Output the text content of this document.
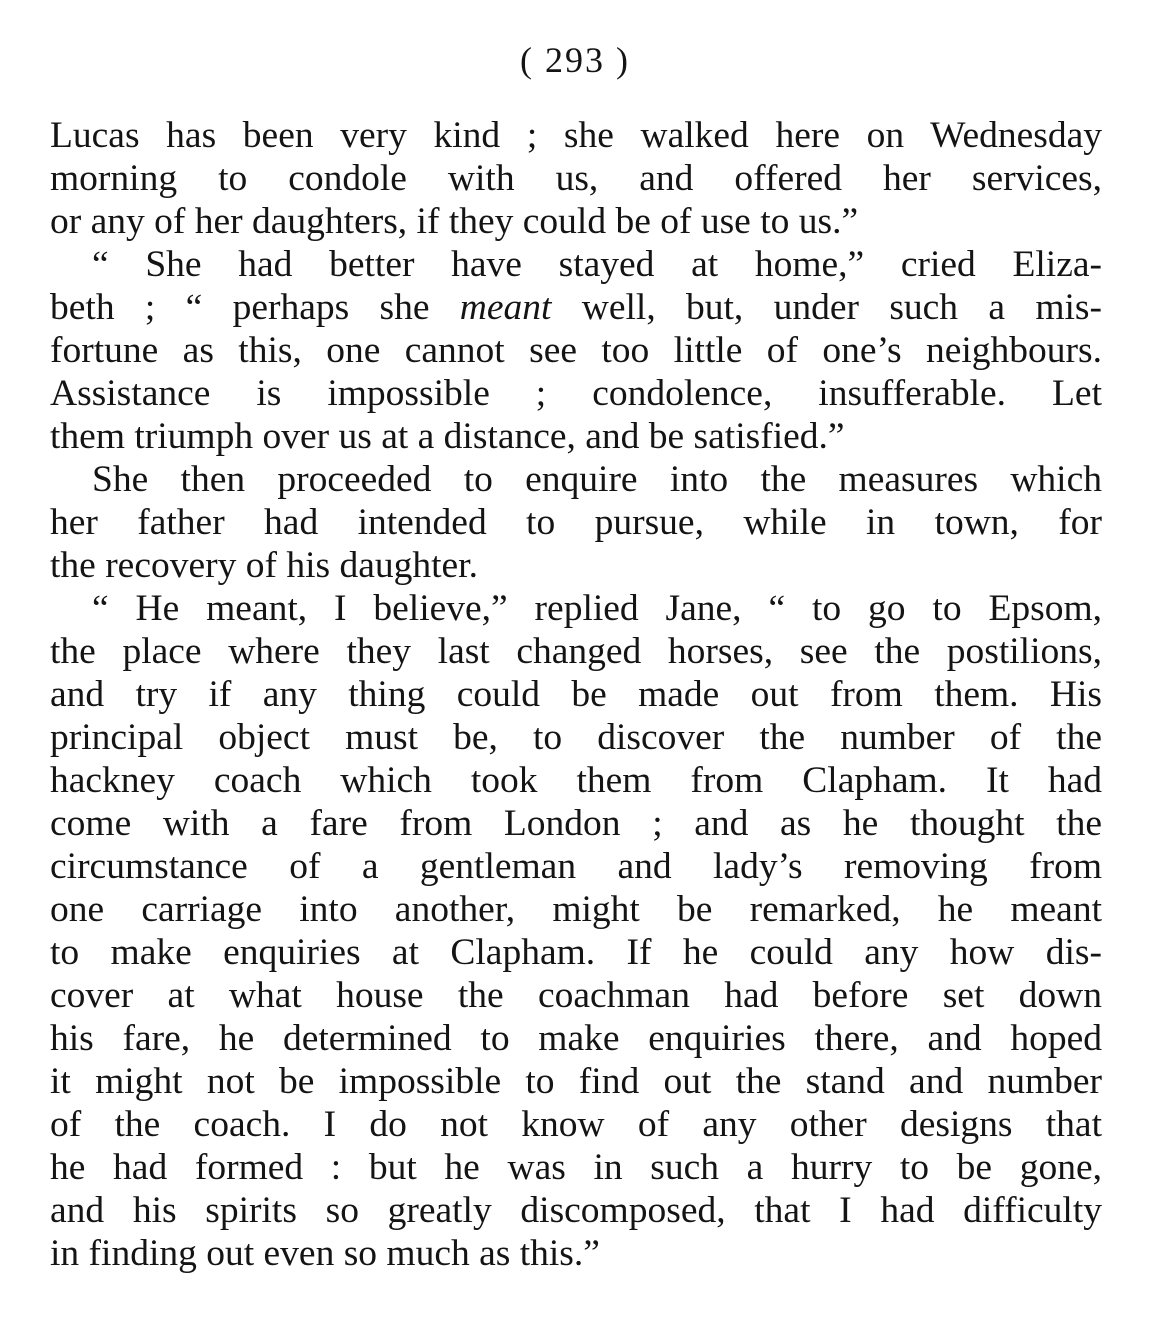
( 293 )
Lucas has been very kind ; she walked here on Wednesday
morning to condole with us, and offered her services,
or any of her daughters, if they could be of use to us.”
“ She had better have stayed at home,” cried Eliza-
beth ; “ perhaps she meant well, but, under such a mis-
fortune as this, one cannot see too little of one’s neighbours.
Assistance is impossible ; condolence, insufferable. Let
them triumph over us at a distance, and be satisfied.”
She then proceeded to enquire into the measures which
her father had intended to pursue, while in town, for
the recovery of his daughter.
“ He meant, I believe,” replied Jane, “ to go to Epsom,
the place where they last changed horses, see the postilions,
and try if any thing could be made out from them. His
principal object must be, to discover the number of the
hackney coach which took them from Clapham. It had
come with a fare from London ; and as he thought the
circumstance of a gentleman and lady’s removing from
one carriage into another, might be remarked, he meant
to make enquiries at Clapham. If he could any how dis-
cover at what house the coachman had before set down
his fare, he determined to make enquiries there, and hoped
it might not be impossible to find out the stand and number
of the coach. I do not know of any other designs that
he had formed : but he was in such a hurry to be gone,
and his spirits so greatly discomposed, that I had difficulty
in finding out even so much as this.”
